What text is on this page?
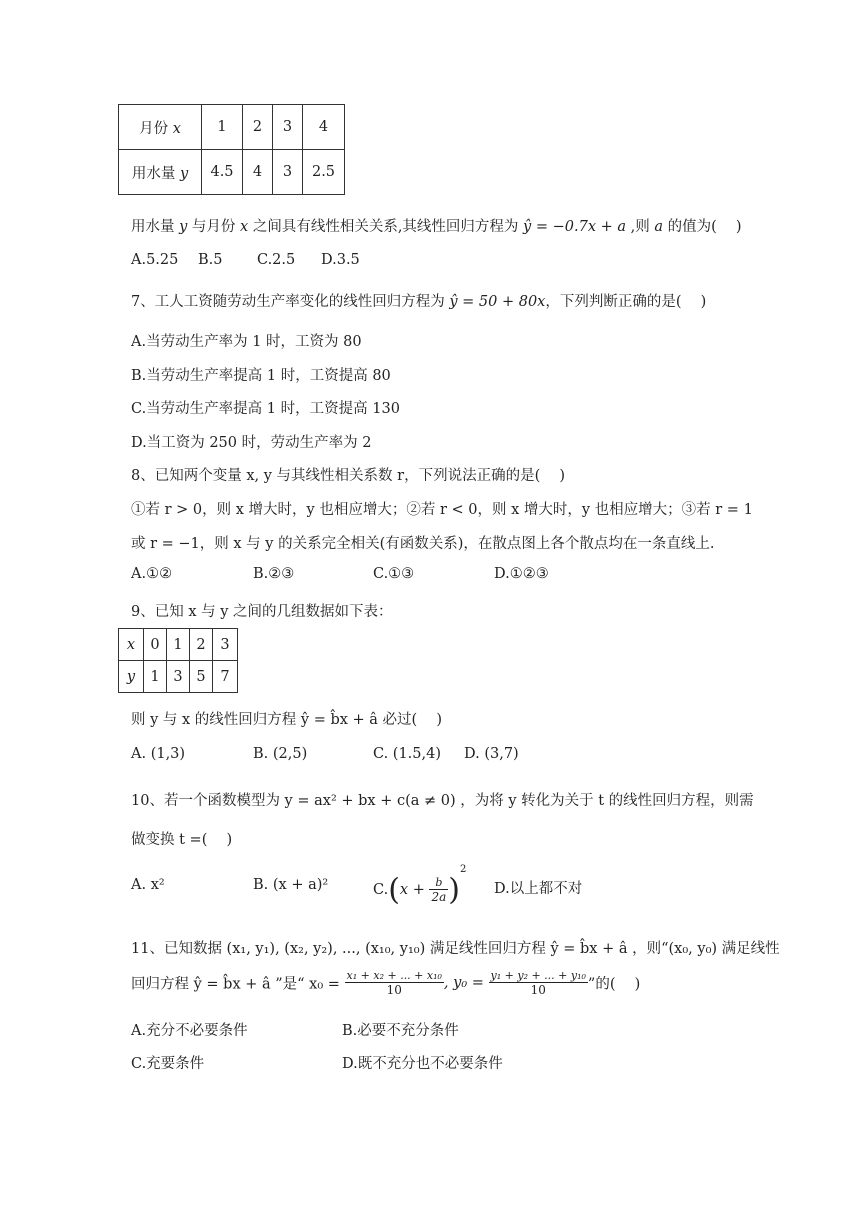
月份 x	1	2	3	4
用水量 y	4.5	4	3	2.5
用水量 y 与月份 x 之间具有线性相关关系,其线性回归方程为 ŷ = −0.7x + a ,则 a 的值为(　 )
A.5.25 B.5 C.2.5 D.3.5
7、工人工资随劳动生产率变化的线性回归方程为 ŷ = 50 + 80x，下列判断正确的是(　 )
A.当劳动生产率为 1 时，工资为 80
B.当劳动生产率提高 1 时，工资提高 80
C.当劳动生产率提高 1 时，工资提高 130
D.当工资为 250 时，劳动生产率为 2
8、已知两个变量 x, y 与其线性相关系数 r，下列说法正确的是(　 )
①若 r > 0，则 x 增大时，y 也相应增大；②若 r < 0，则 x 增大时，y 也相应增大；③若 r = 1
或 r = −1，则 x 与 y 的关系完全相关(有函数关系)，在散点图上各个散点均在一条直线上.
A.①②	B.②③	C.①③	D.①②③
9、已知 x 与 y 之间的几组数据如下表：
x	0	1	2	3
y	1	3	5	7
则 y 与 x 的线性回归方程 ŷ = b̂x + â 必过(　 )
A. (1,3)	B. (2,5)	C. (1.5,4) D. (3,7)
10、若一个函数模型为 y = ax² + bx + c(a ≠ 0) ，为将 y 转化为关于 t 的线性回归方程，则需
做变换 t =(　 )
A. x²	B. (x + a)²	$C.(x + \frac{b}{2a} )^2$
D.以上都不对
11、已知数据 (x₁, y₁), (x₂, y₂), ..., (x₁₀, y₁₀) 满足线性回归方程 ŷ = b̂x + â ，则“(x₀, y₀) 满足线性
回归方程 ŷ = b̂x + â ”是“ $x_0 = \frac{\text{x₁ + x₂ + ... + x₁₀}}{10}$ , $y_0 = \frac{\text{y₁ + y₂ + ... + y₁₀}}{10}$ ”的(　 )
A.充分不必要条件	B.必要不充分条件
C.充要条件	D.既不充分也不必要条件
